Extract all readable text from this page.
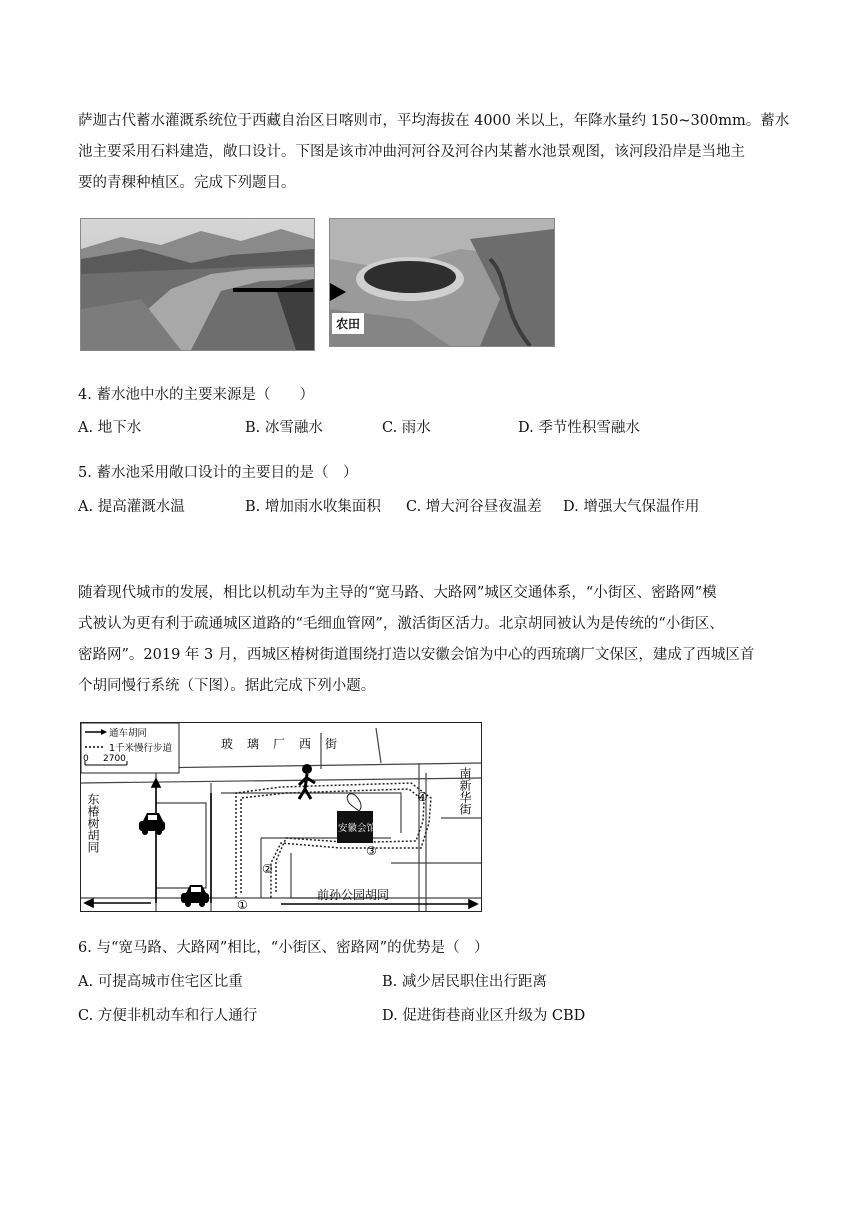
萨迦古代蓄水灌溉系统位于西藏自治区日喀则市，平均海拔在 4000 米以上，年降水量约 150~300mm。蓄水
池主要采用石料建造，敞口设计。下图是该市冲曲河河谷及河谷内某蓄水池景观图，该河段沿岸是当地主
要的青稞种植区。完成下列题目。
农田
4. 蓄水池中水的主要来源是（　　）
A. 地下水	B. 冰雪融水	C. 雨水	D. 季节性积雪融水
5. 蓄水池采用敞口设计的主要目的是（　）
A. 提高灌溉水温	B. 增加雨水收集面积 C. 增大河谷昼夜温差 D. 增强大气保温作用
随着现代城市的发展，相比以机动车为主导的“宽马路、大路网”城区交通体系，“小街区、密路网”模
式被认为更有利于疏通城区道路的“毛细血管网”，激活街区活力。北京胡同被认为是传统的“小街区、
密路网”。2019 年 3 月，西城区椿树街道围绕打造以安徽会馆为中心的西琉璃厂文保区，建成了西城区首
个胡同慢行系统（下图）。据此完成下列小题。
通车胡同
1千米慢行步道
0 2700
玻　璃　厂　西　街
东椿树胡同
南新华街
前孙公园胡同
安徽会馆
①
②
③
④
6. 与“宽马路、大路网”相比，“小街区、密路网”的优势是（　）
A. 可提高城市住宅区比重	B. 减少居民职住出行距离
C. 方便非机动车和行人通行	D. 促进街巷商业区升级为 CBD
